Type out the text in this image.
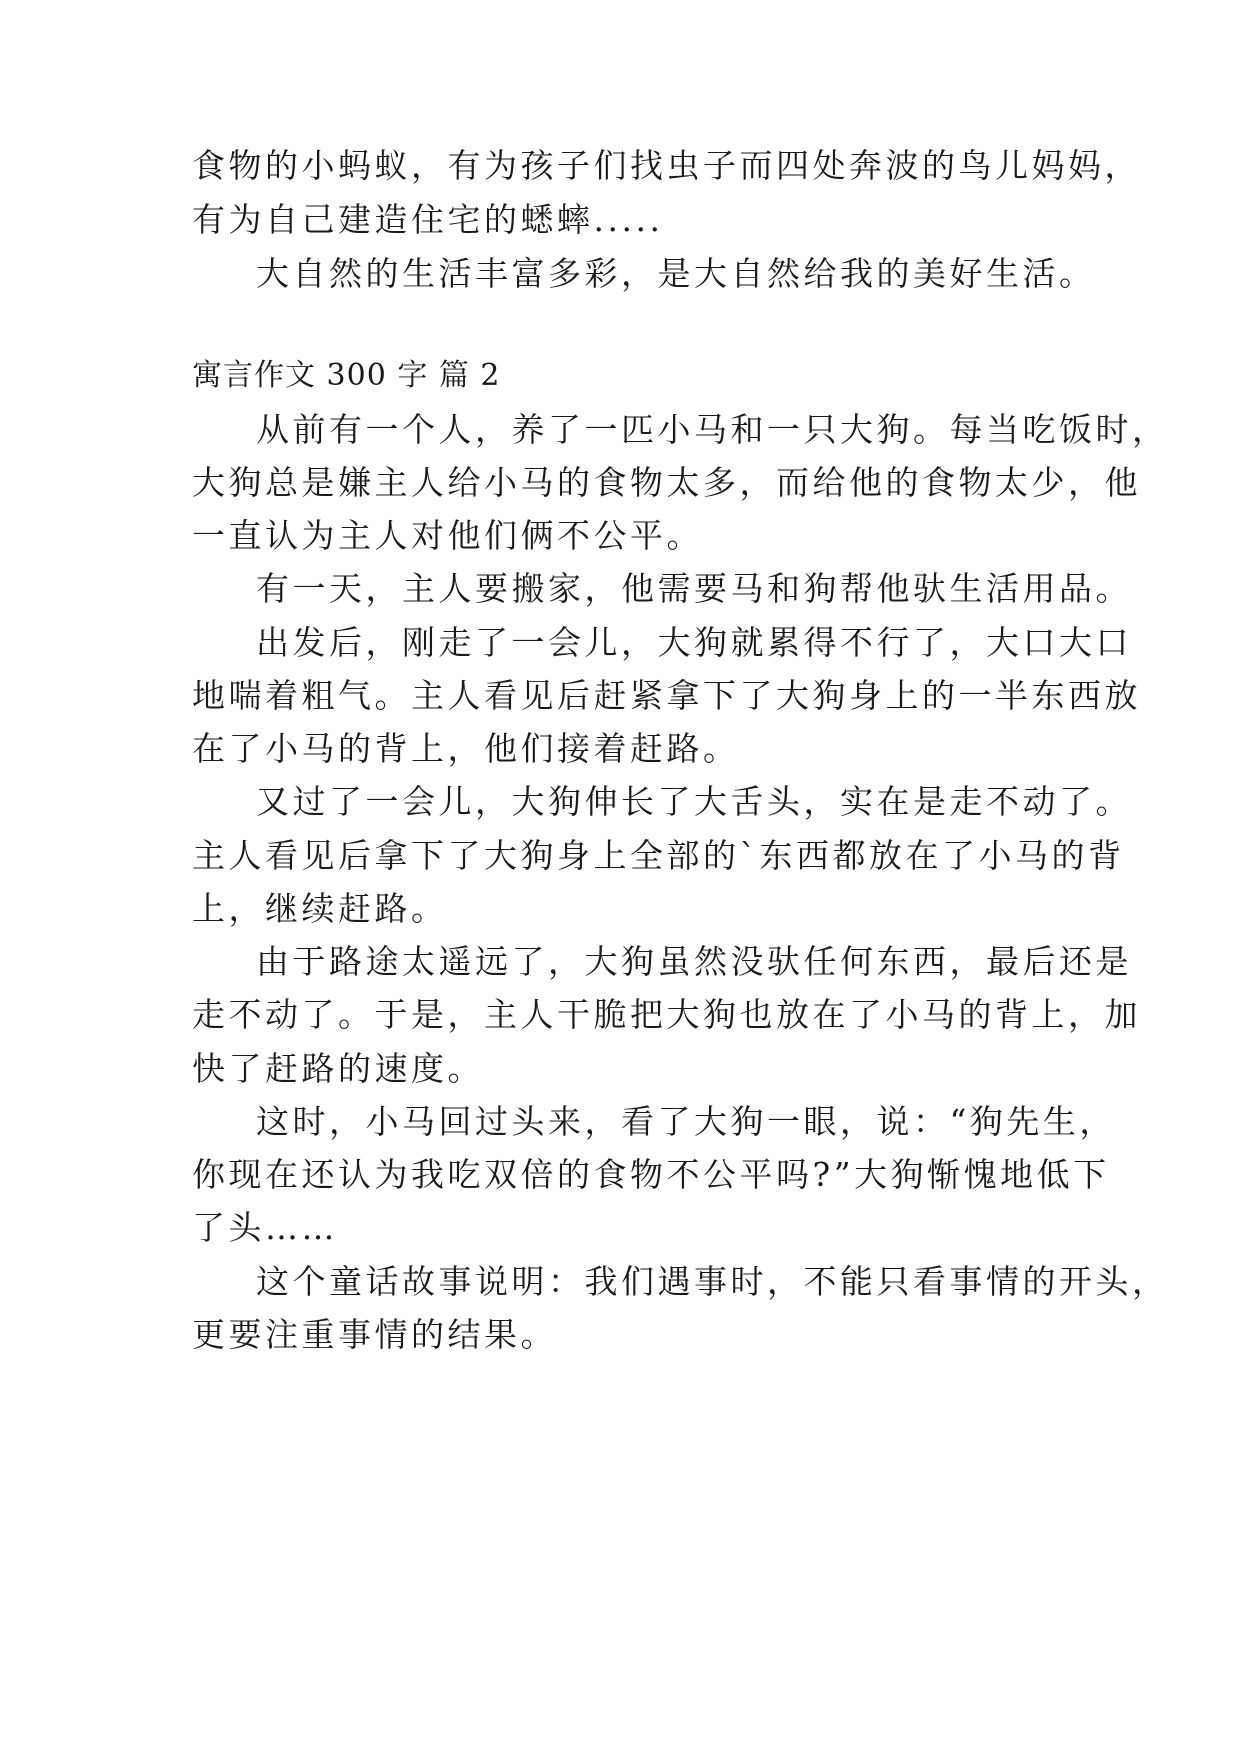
食物的小蚂蚁，有为孩子们找虫子而四处奔波的鸟儿妈妈，
有为自己建造住宅的蟋蟀.....
大自然的生活丰富多彩，是大自然给我的美好生活。
寓言作文 300 字 篇 2
从前有一个人，养了一匹小马和一只大狗。每当吃饭时，
大狗总是嫌主人给小马的食物太多，而给他的食物太少，他
一直认为主人对他们俩不公平。
有一天，主人要搬家，他需要马和狗帮他驮生活用品。
出发后，刚走了一会儿，大狗就累得不行了，大口大口
地喘着粗气。主人看见后赶紧拿下了大狗身上的一半东西放
在了小马的背上，他们接着赶路。
又过了一会儿，大狗伸长了大舌头，实在是走不动了。
主人看见后拿下了大狗身上全部的`东西都放在了小马的背
上，继续赶路。
由于路途太遥远了，大狗虽然没驮任何东西，最后还是
走不动了。于是，主人干脆把大狗也放在了小马的背上，加
快了赶路的速度。
这时，小马回过头来，看了大狗一眼，说：“狗先生，
你现在还认为我吃双倍的食物不公平吗?”大狗惭愧地低下
了头……
这个童话故事说明：我们遇事时，不能只看事情的开头，
更要注重事情的结果。
